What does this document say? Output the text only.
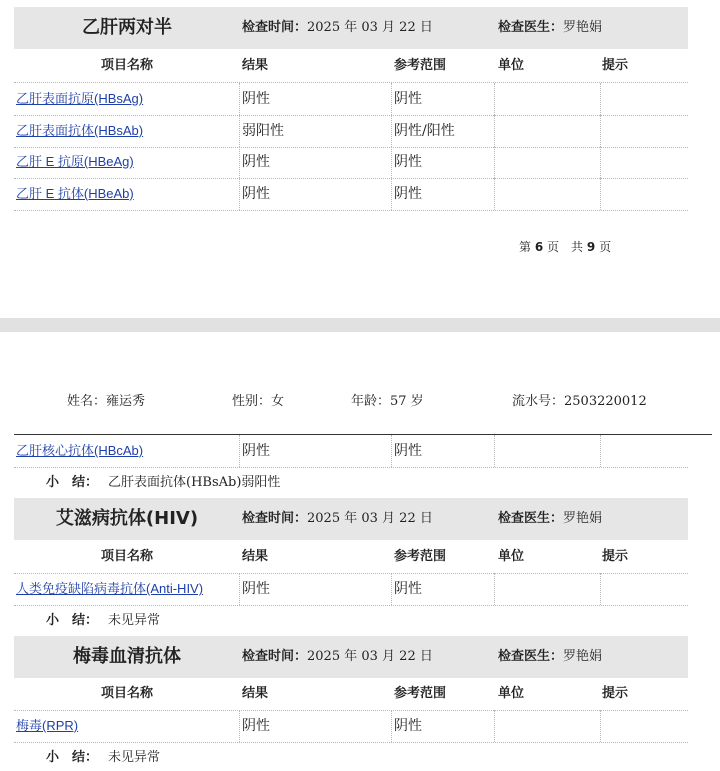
乙肝两对半	检查时间：2025 年 03 月 22 日	检查医生：罗艳娟
项目名称	结果	参考范围	单位	提示
乙肝表面抗原(HBsAg)	阴性	阴性
乙肝表面抗体(HBsAb)	弱阳性	阴性/阳性
乙肝 E 抗原(HBeAg)	阴性	阴性
乙肝 E 抗体(HBeAb)	阴性	阴性
第 6 页　共 9 页
姓名：雍运秀	性别：女	年龄：57 岁	流水号：2503220012
乙肝核心抗体(HBcAb)	阴性	阴性
小　结： 乙肝表面抗体(HBsAb)弱阳性
艾滋病抗体(HIV)	检查时间：2025 年 03 月 22 日	检查医生：罗艳娟
项目名称	结果	参考范围	单位	提示
人类免疫缺陷病毒抗体(Anti-HIV)	阴性	阴性
小　结： 未见异常
梅毒血清抗体	检查时间：2025 年 03 月 22 日	检查医生：罗艳娟
项目名称	结果	参考范围	单位	提示
梅毒(RPR)	阴性	阴性
小　结： 未见异常
